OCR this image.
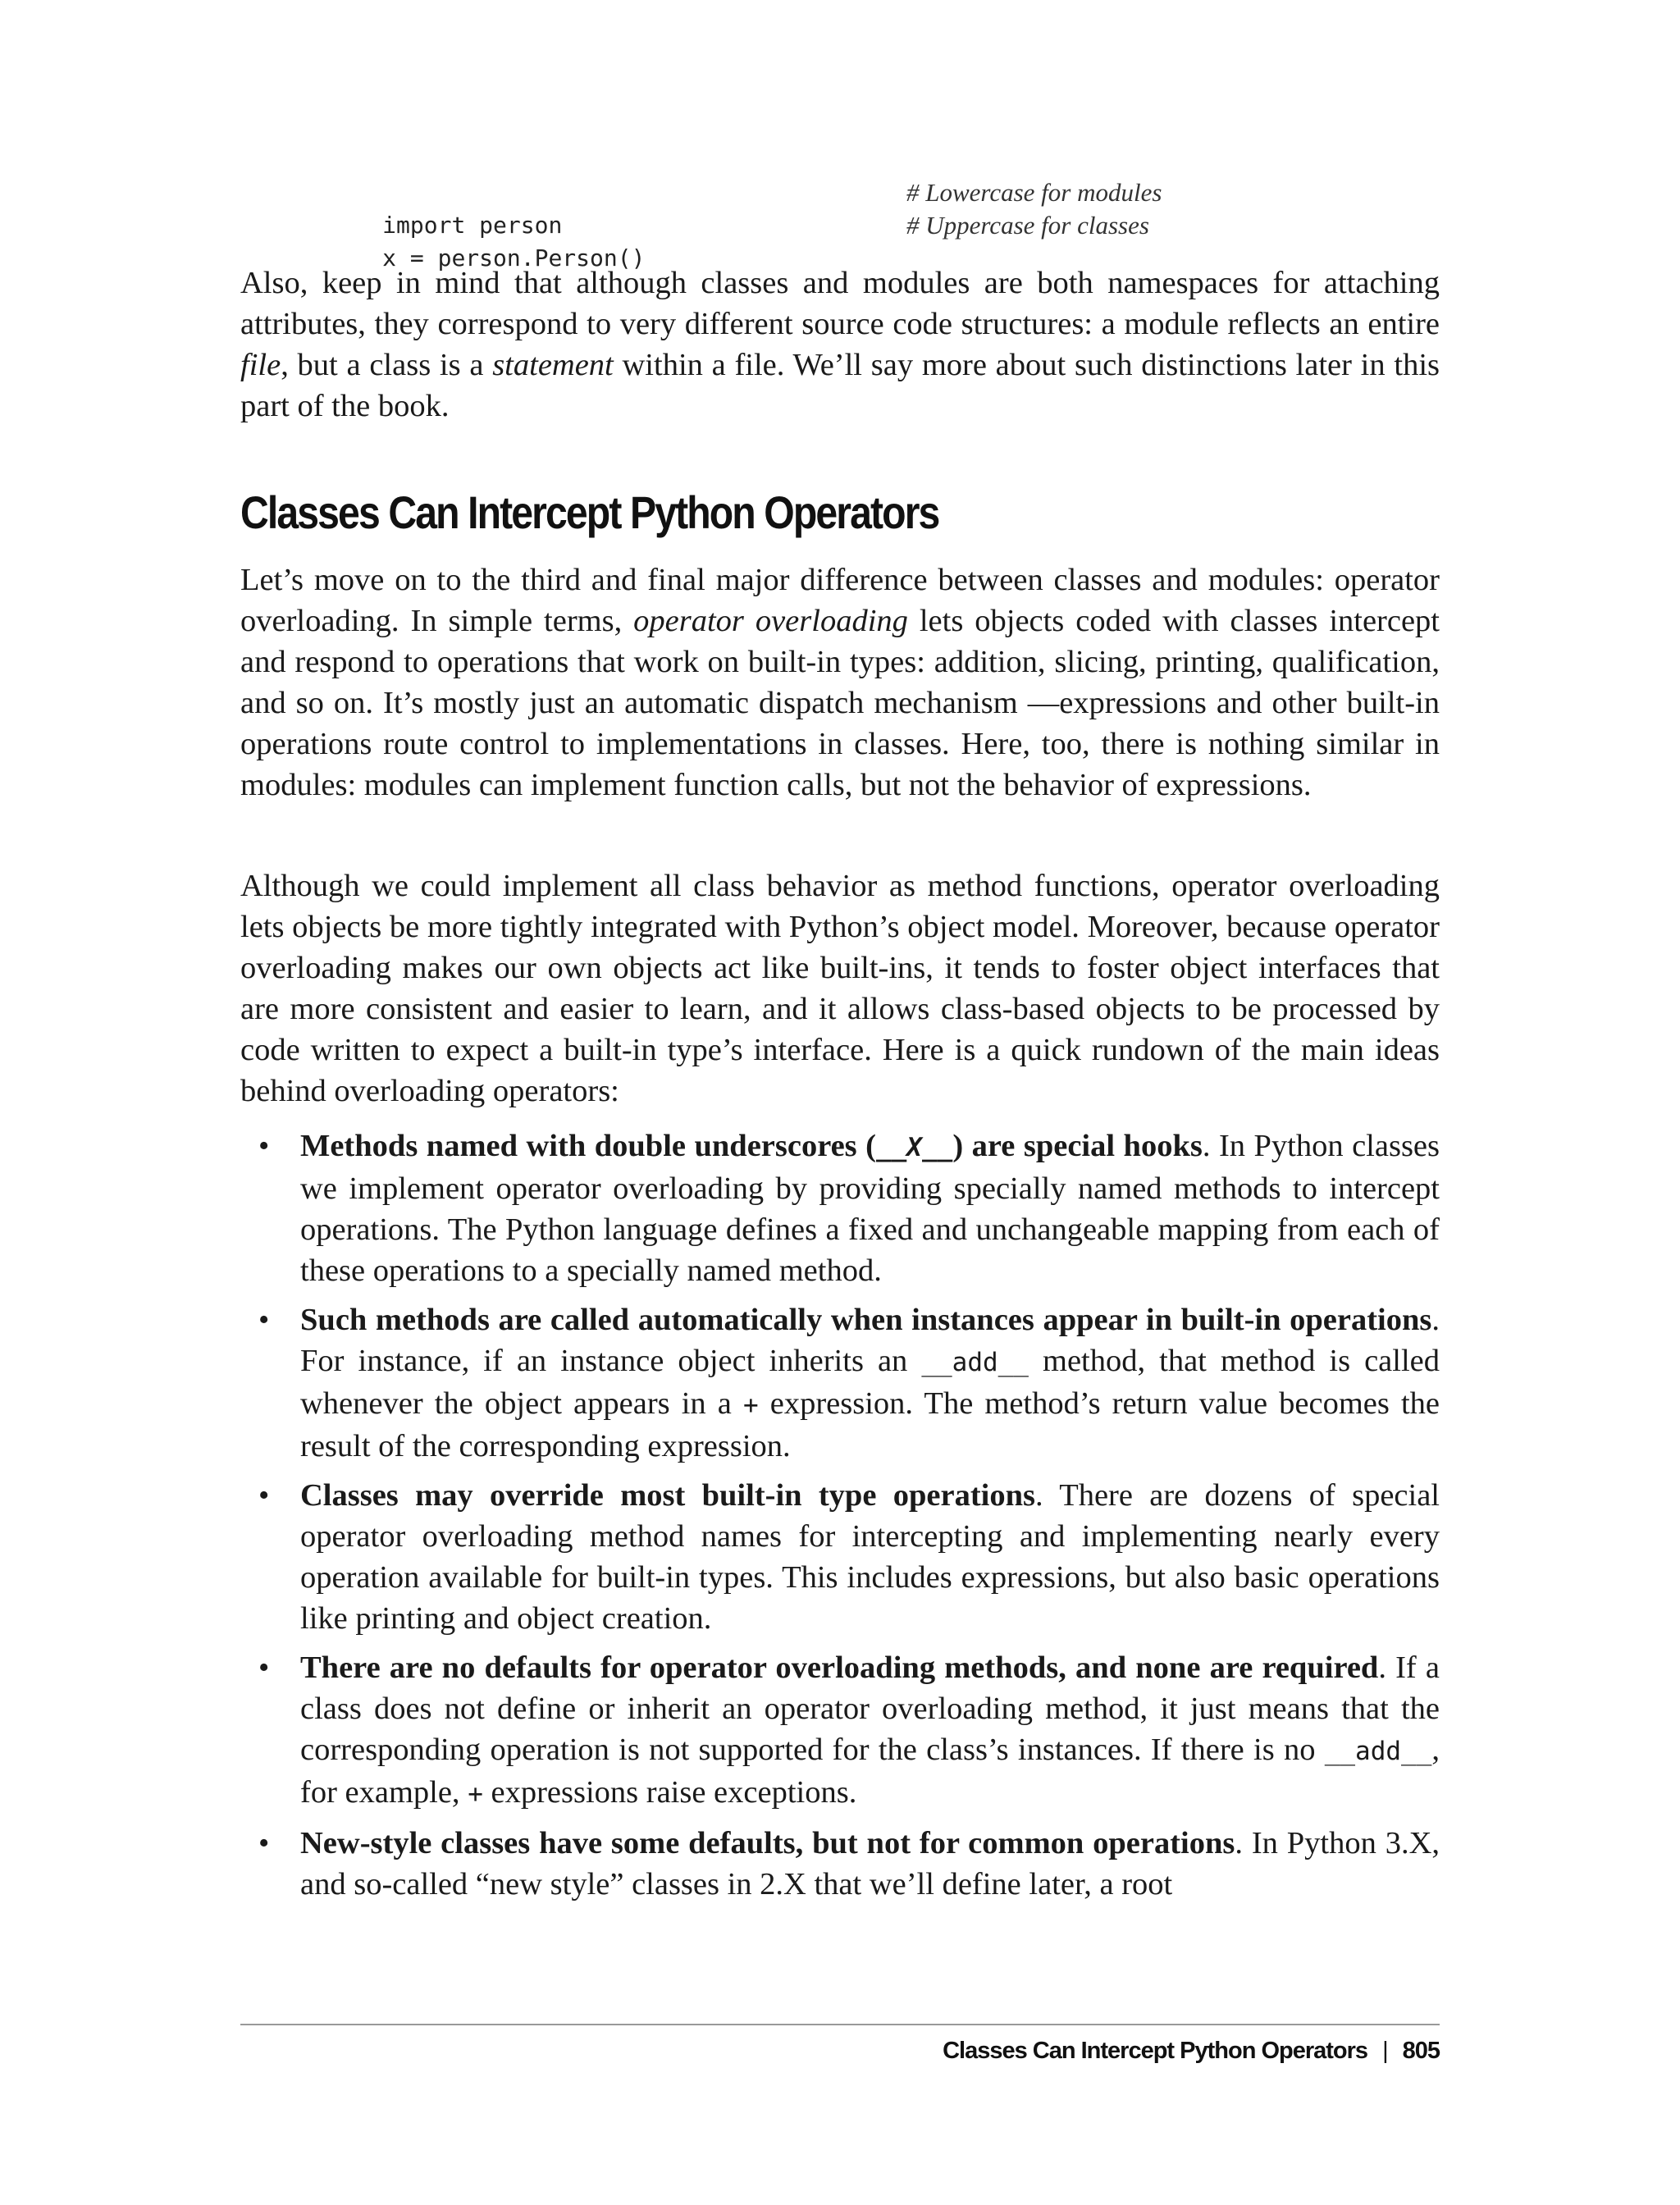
import person

# Lowercase for modules

x = person.Person()

# Uppercase for classes

Also, keep in mind that although classes and modules are both namespaces for attaching attributes, they correspond to very different source code structures: a module reflects an entire file, but a class is a statement within a file. We’ll say more about such distinctions later in this part of the book.

Classes Can Intercept Python Operators

Let’s move on to the third and final major difference between classes and modules: operator overloading. In simple terms, operator overloading lets objects coded with classes intercept and respond to operations that work on built-in types: addition, slicing, printing, qualification, and so on. It’s mostly just an automatic dispatch mechanism —expressions and other built-in operations route control to implementations in classes. Here, too, there is nothing similar in modules: modules can implement function calls, but not the behavior of expressions.

Although we could implement all class behavior as method functions, operator overloading lets objects be more tightly integrated with Python’s object model. Moreover, because operator overloading makes our own objects act like built-ins, it tends to foster object interfaces that are more consistent and easier to learn, and it allows class-based objects to be processed by code written to expect a built-in type’s interface. Here is a quick rundown of the main ideas behind overloading operators:

• Methods named with double underscores (__X__) are special hooks. In Python classes we implement operator overloading by providing specially named methods to intercept operations. The Python language defines a fixed and unchangeable mapping from each of these operations to a specially named method.

• Such methods are called automatically when instances appear in built-in operations. For instance, if an instance object inherits an __add__ method, that method is called whenever the object appears in a + expression. The method’s return value becomes the result of the corresponding expression.

• Classes may override most built-in type operations. There are dozens of special operator overloading method names for intercepting and implementing nearly every operation available for built-in types. This includes expressions, but also basic operations like printing and object creation.

• There are no defaults for operator overloading methods, and none are required. If a class does not define or inherit an operator overloading method, it just means that the corresponding operation is not supported for the class’s instances. If there is no __add__, for example, + expressions raise exceptions.

• New-style classes have some defaults, but not for common operations. In Python 3.X, and so-called “new style” classes in 2.X that we’ll define later, a root

Classes Can Intercept Python Operators | 805
